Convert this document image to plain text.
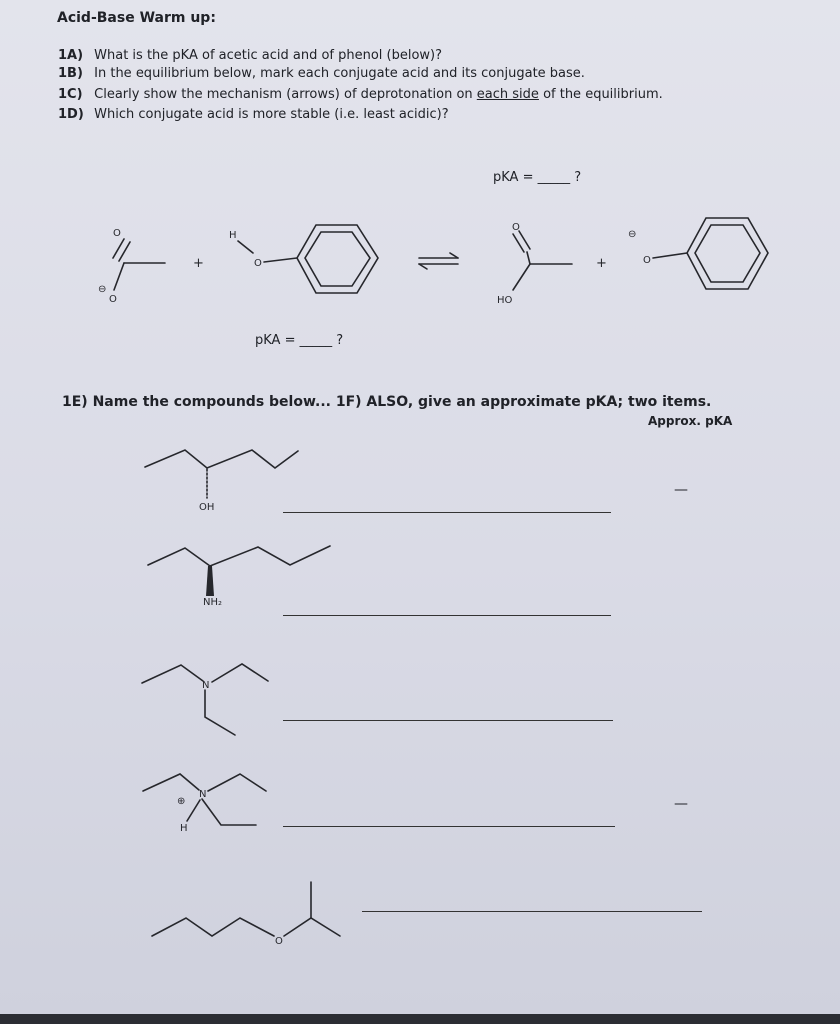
Acid-Base Warm up:
1A) What is the pKA of acetic acid and of phenol (below)?
1B) In the equilibrium below, mark each conjugate acid and its conjugate base.
1C) Clearly show the mechanism (arrows) of deprotonation on each side of the equilibrium.
1D) Which conjugate acid is more stable (i.e. least acidic)?
pKA = _____ ?
pKA = _____ ?
1E) Name the compounds below... 1F) ALSO, give an approximate pKA; two items.
Approx. pKA
—
—
O
O
⊖
+
H
O
O
HO
+
⊖
O
OH
NH₂
N
N
⊕
H
O
